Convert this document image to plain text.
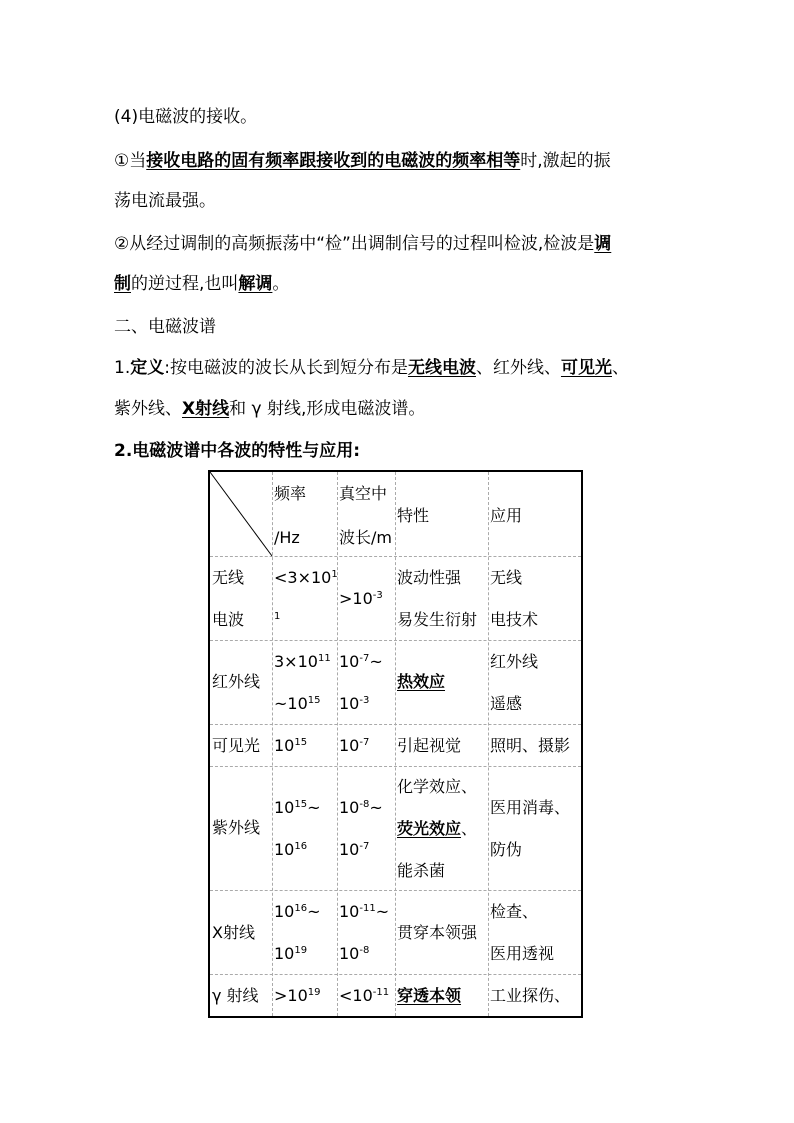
(4)电磁波的接收。
①当接收电路的固有频率跟接收到的电磁波的频率相等时,激起的振
荡电流最强。
②从经过调制的高频振荡中“检”出调制信号的过程叫检波,检波是调
制的逆过程,也叫解调。
二、电磁波谱
1.定义:按电磁波的波长从长到短分布是无线电波、红外线、可见光、
紫外线、X射线和 γ 射线,形成电磁波谱。
2.电磁波谱中各波的特性与应用:
频率
/Hz
真空中
波长/m
特性	应用
无线
电波
$<3\times 10^1$
$^1$
$>10^{-3}$
波动性强
易发生衍射
无线
电技术
红外线
$3\times 10^{11}$
$\sim 10^{15}$
$10^{-7}\sim$
$10^{-3}$
热效应
红外线
遥感
可见光 $10^{15}$ $10^{-7}$ 引起视觉 照明、摄影
紫外线
$10^{15}\sim$
$10^{16}$
$10^{-8}\sim$
$10^{-7}$
化学效应、
荧光效应、
能杀菌
医用消毒、
防伪
X射线
$10^{16}\sim$
$10^{19}$
$10^{-11}\sim$
$10^{-8}$
贯穿本领强
检查、
医用透视
γ 射线 $>10^{19} <10^{-11}$ 穿透本领 工业探伤、
